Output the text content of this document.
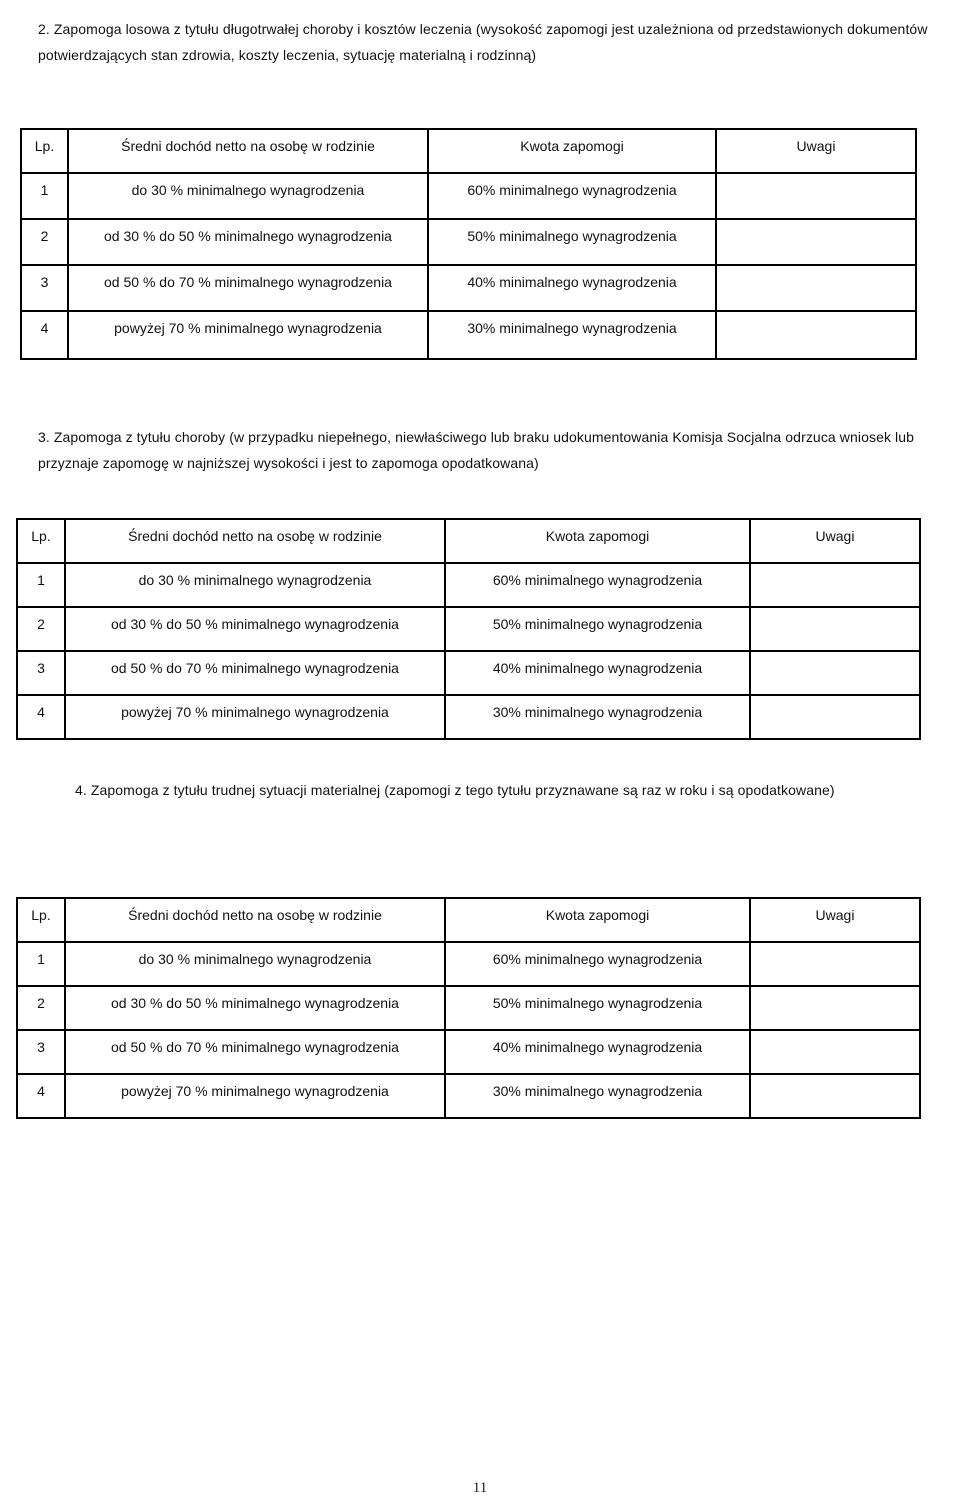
2. Zapomoga losowa z tytułu długotrwałej choroby i kosztów leczenia (wysokość zapomogi jest uzależniona od przedstawionych dokumentów potwierdzających stan zdrowia, koszty leczenia, sytuację materialną i rodzinną)
Lp.	Średni dochód netto na osobę w rodzinie	Kwota zapomogi	Uwagi
1	do 30 % minimalnego wynagrodzenia	60% minimalnego wynagrodzenia	
2	od 30 % do 50 % minimalnego wynagrodzenia	50% minimalnego wynagrodzenia	
3	od 50 % do 70 % minimalnego wynagrodzenia	40% minimalnego wynagrodzenia	
4	powyżej 70 % minimalnego wynagrodzenia	30% minimalnego wynagrodzenia	
3. Zapomoga z tytułu choroby (w przypadku niepełnego, niewłaściwego lub braku udokumentowania Komisja Socjalna odrzuca wniosek lub przyznaje zapomogę w najniższej wysokości i jest to zapomoga opodatkowana)
Lp.	Średni dochód netto na osobę w rodzinie	Kwota zapomogi	Uwagi
1	do 30 % minimalnego wynagrodzenia	60% minimalnego wynagrodzenia	
2	od 30 % do 50 % minimalnego wynagrodzenia	50% minimalnego wynagrodzenia	
3	od 50 % do 70 % minimalnego wynagrodzenia	40% minimalnego wynagrodzenia	
4	powyżej 70 % minimalnego wynagrodzenia	30% minimalnego wynagrodzenia	
4. Zapomoga z tytułu trudnej sytuacji materialnej (zapomogi z tego tytułu przyznawane są raz w roku i są opodatkowane)
Lp.	Średni dochód netto na osobę w rodzinie	Kwota zapomogi	Uwagi
1	do 30 % minimalnego wynagrodzenia	60% minimalnego wynagrodzenia	
2	od 30 % do 50 % minimalnego wynagrodzenia	50% minimalnego wynagrodzenia	
3	od 50 % do 70 % minimalnego wynagrodzenia	40% minimalnego wynagrodzenia	
4	powyżej 70 % minimalnego wynagrodzenia	30% minimalnego wynagrodzenia	
11
